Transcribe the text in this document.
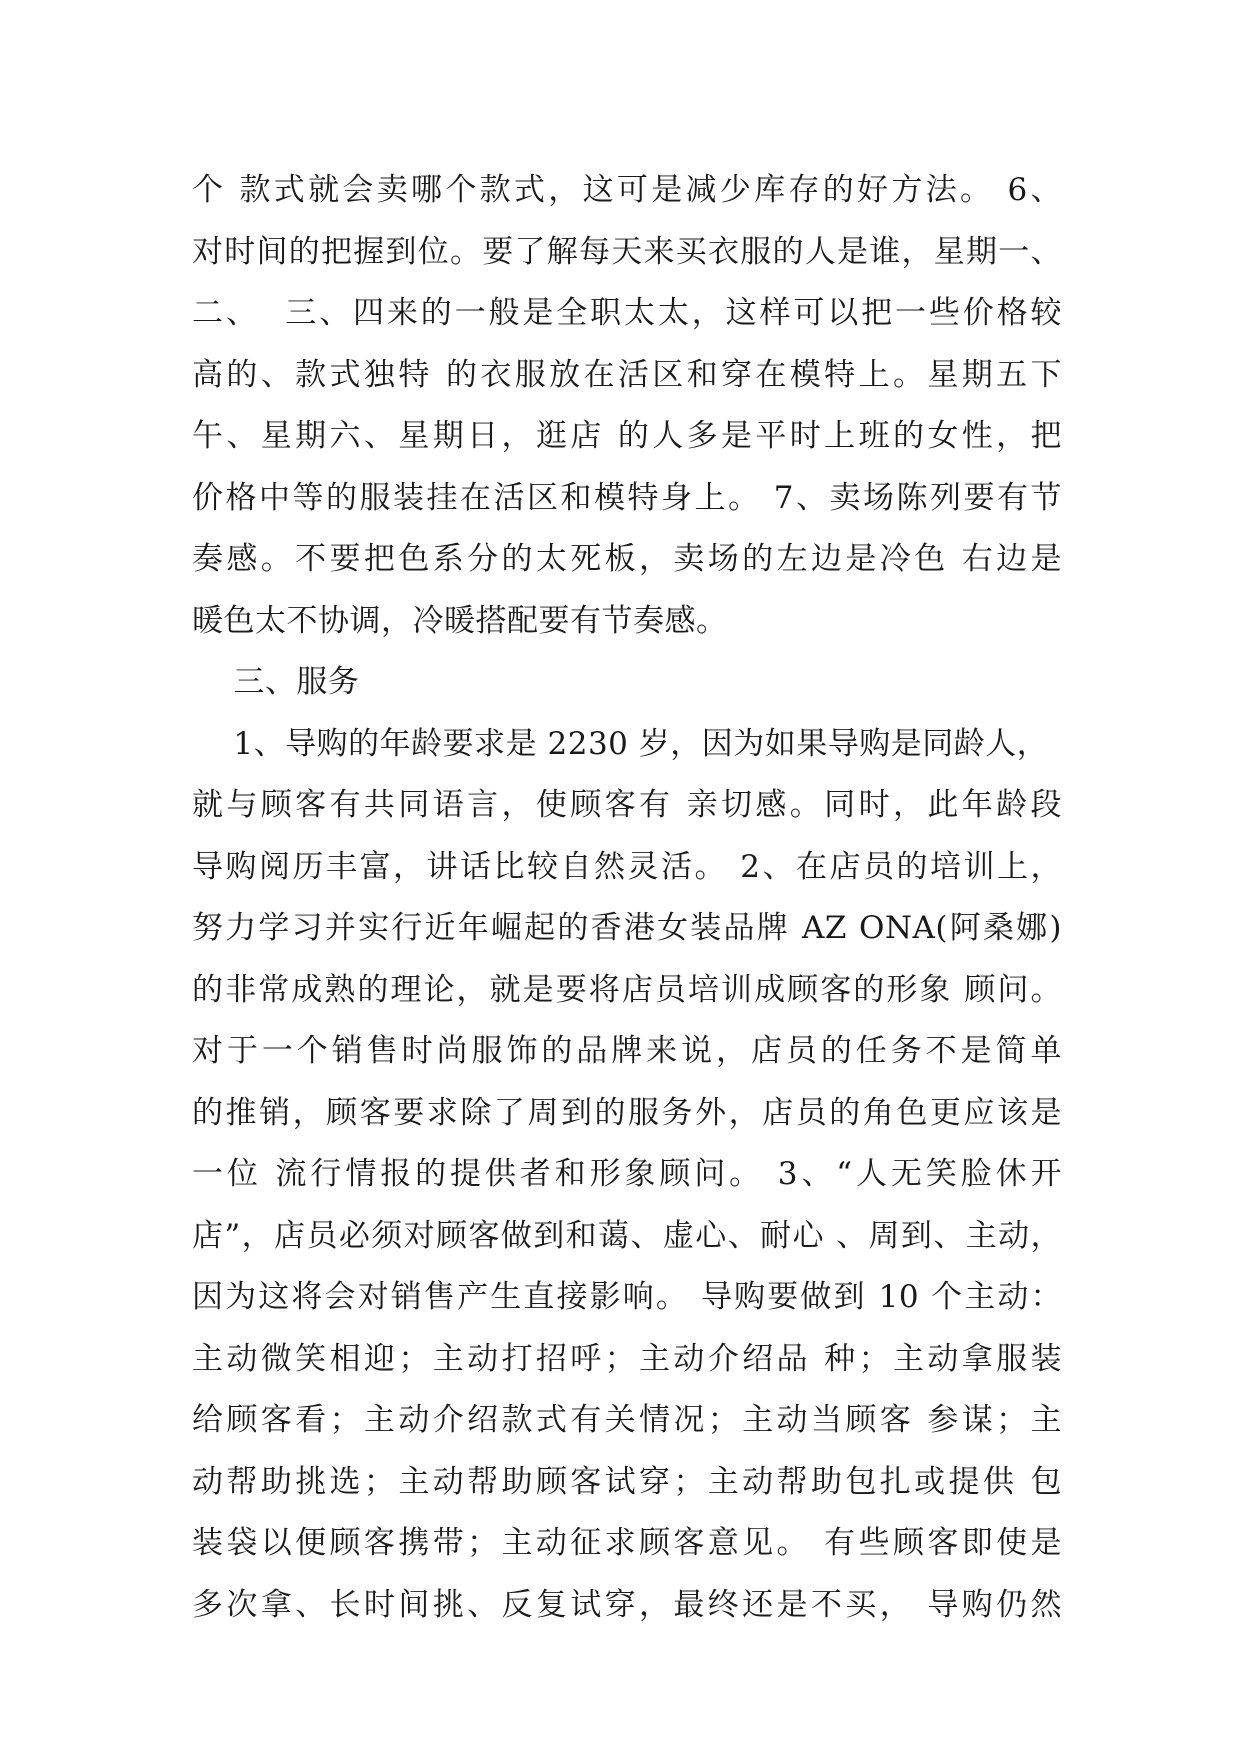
个 款式就会卖哪个款式，这可是减少库存的好方法。 6、
对时间的把握到位。要了解每天来买衣服的人是谁，星期一、
二、  三、四来的一般是全职太太，这样可以把一些价格较
高的、款式独特 的衣服放在活区和穿在模特上。星期五下
午、星期六、星期日，逛店 的人多是平时上班的女性，把
价格中等的服装挂在活区和模特身上。 7、卖场陈列要有节
奏感。不要把色系分的太死板，卖场的左边是冷色 右边是
暖色太不协调，冷暖搭配要有节奏感。
三、服务
1、导购的年龄要求是 2230 岁，因为如果导购是同龄人，
就与顾客有共同语言，使顾客有 亲切感。同时，此年龄段
导购阅历丰富，讲话比较自然灵活。 2、在店员的培训上，
努力学习并实行近年崛起的香港女装品牌 AZ ONA(阿桑娜)
的非常成熟的理论，就是要将店员培训成顾客的形象 顾问。
对于一个销售时尚服饰的品牌来说，店员的任务不是简单
的推销，顾客要求除了周到的服务外，店员的角色更应该是
一位 流行情报的提供者和形象顾问。 3、“人无笑脸休开
店”，店员必须对顾客做到和蔼、虚心、耐心 、周到、主动，
因为这将会对销售产生直接影响。 导购要做到 10 个主动：
主动微笑相迎；主动打招呼；主动介绍品 种；主动拿服装
给顾客看；主动介绍款式有关情况；主动当顾客 参谋；主
动帮助挑选；主动帮助顾客试穿；主动帮助包扎或提供 包
装袋以便顾客携带；主动征求顾客意见。 有些顾客即使是
多次拿、长时间挑、反复试穿，最终还是不买， 导购仍然
